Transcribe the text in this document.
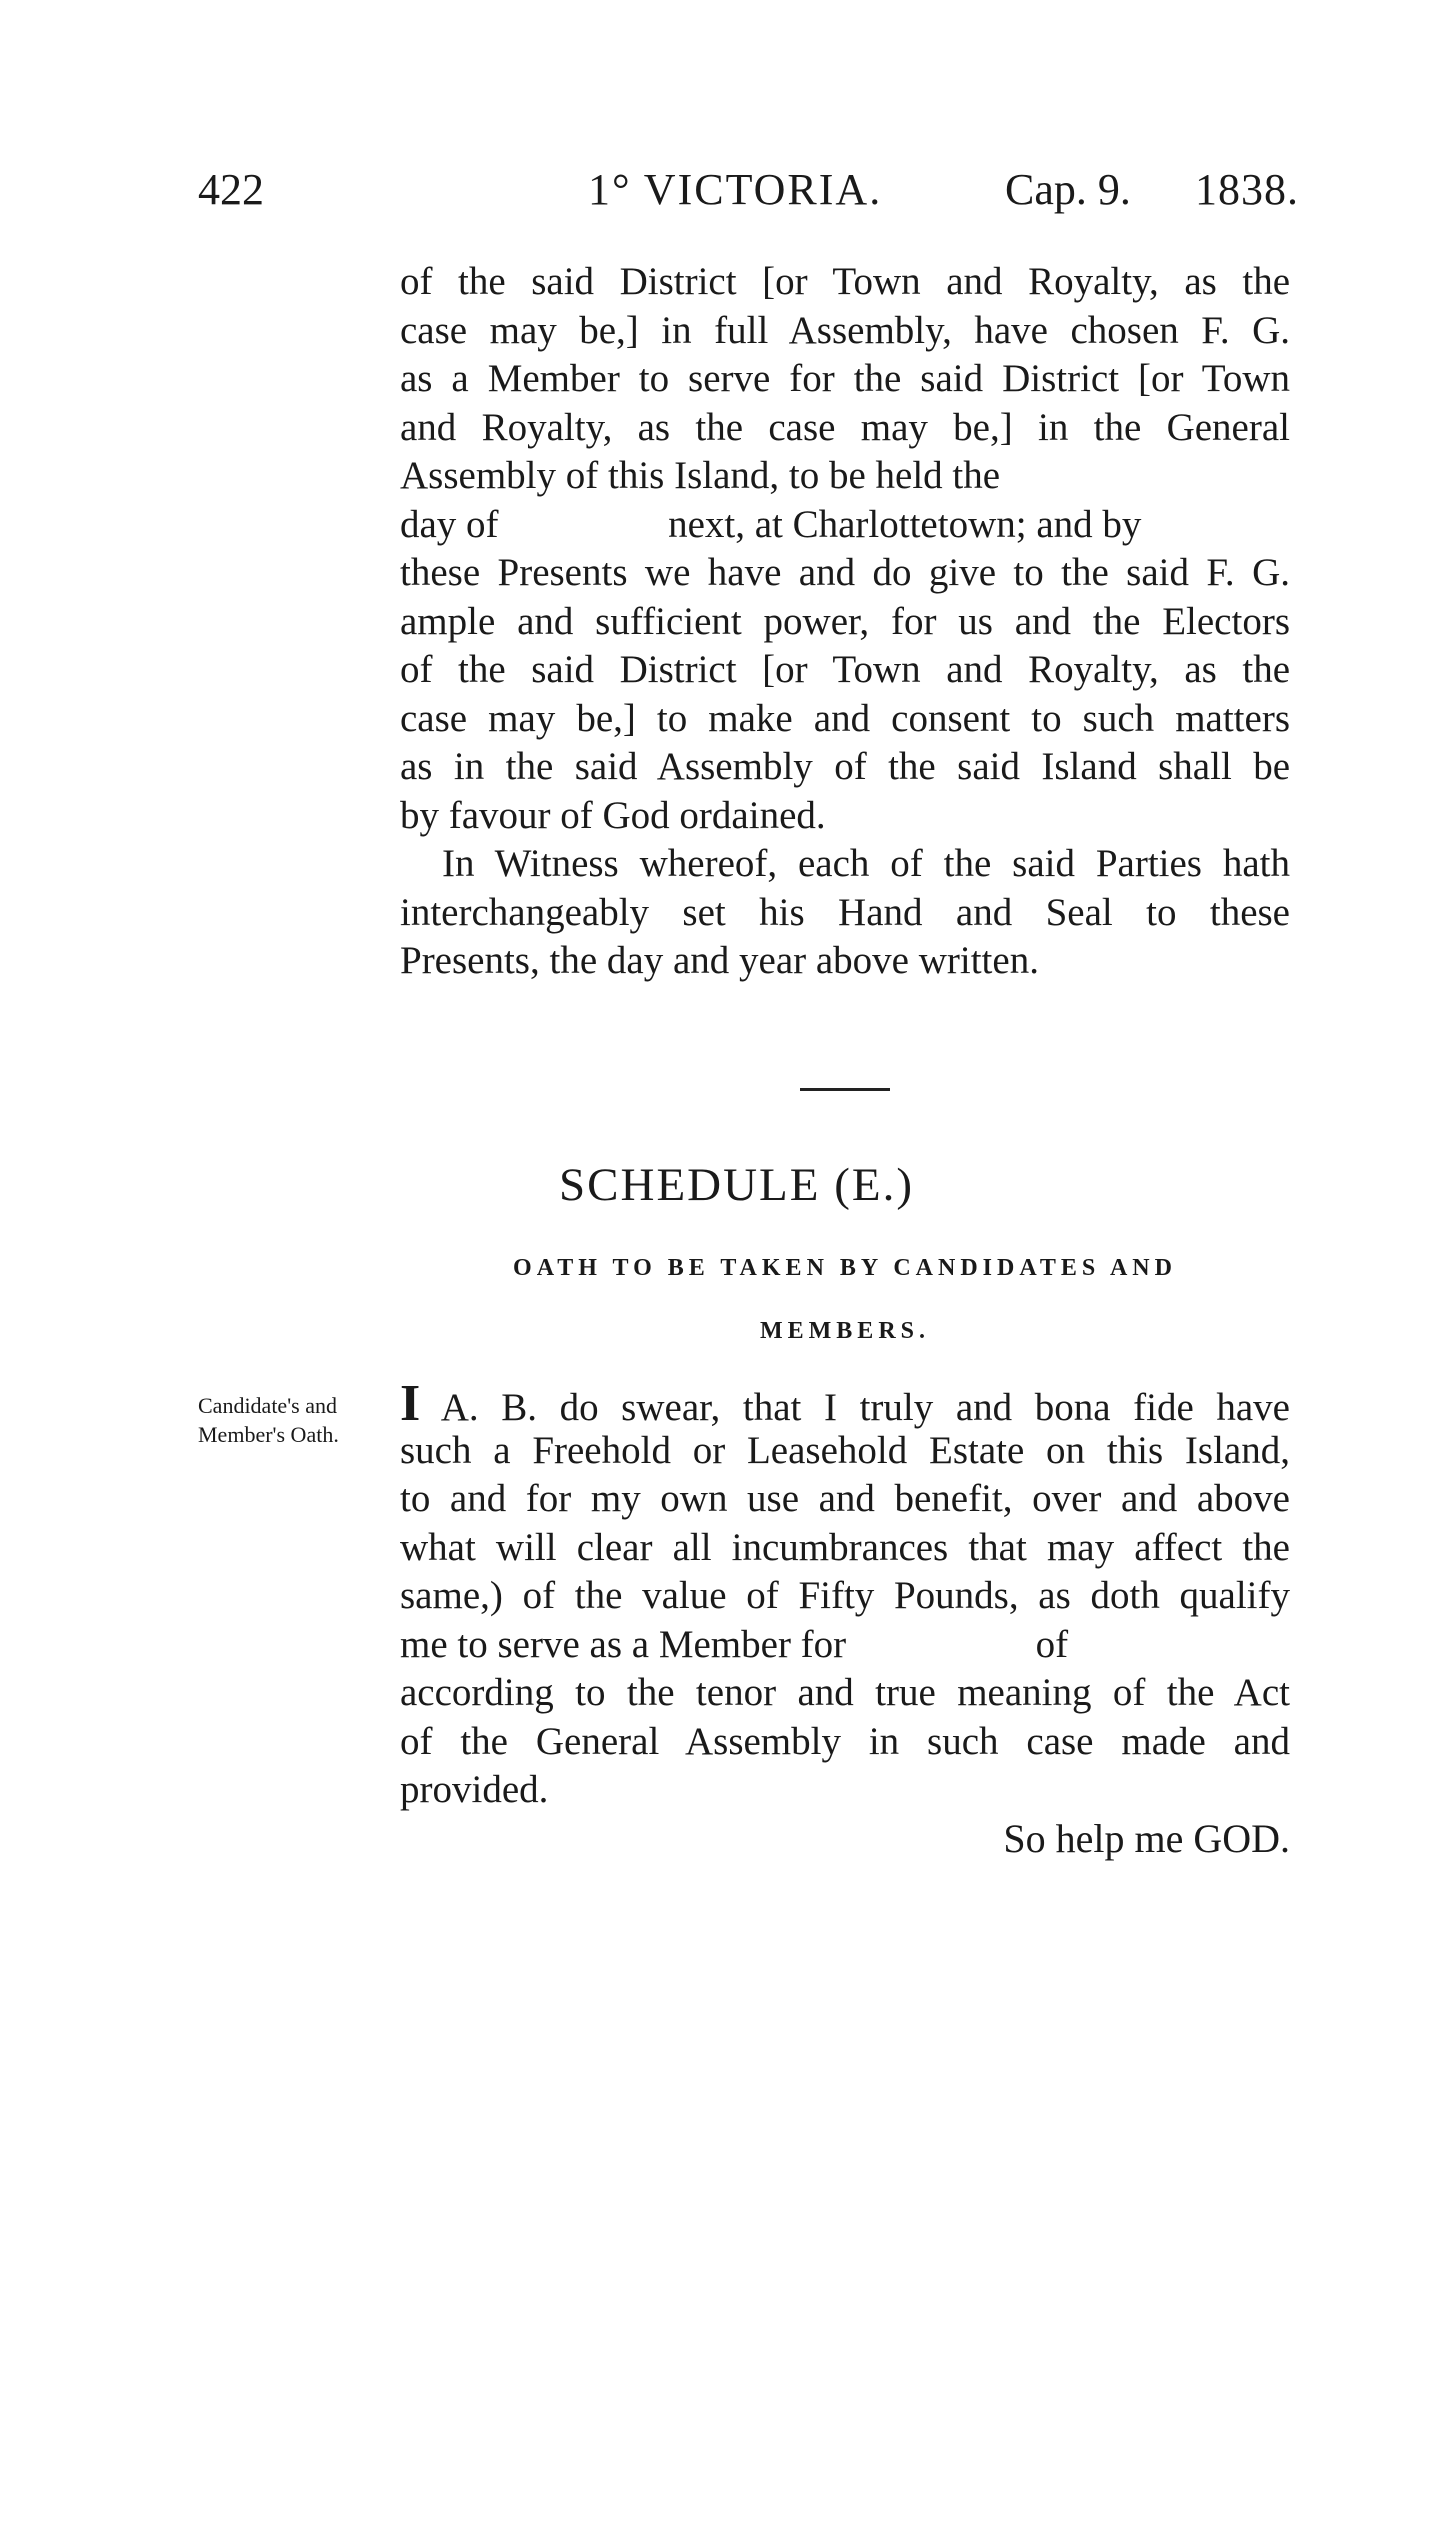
422	1° VICTORIA.	Cap. 9. 1838.
of the said District [or Town and Royalty, as the
case may be,] in full Assembly, have chosen F. G.
as a Member to serve for the said District [or Town
and Royalty, as the case may be,] in the General
Assembly of this Island, to be held the
day of	next, at Charlottetown; and by
these Presents we have and do give to the said F. G.
ample and sufficient power, for us and the Electors
of the said District [or Town and Royalty, as the
case may be,] to make and consent to such matters
as in the said Assembly of the said Island shall be
by favour of God ordained.
In Witness whereof, each of the said Parties hath
interchangeably set his Hand and Seal to these
Presents, the day and year above written.
SCHEDULE (E.)
OATH TO BE TAKEN BY CANDIDATES AND
MEMBERS.
Candidate's and
Member's Oath.
I A. B. do swear, that I truly and bona fide have
such a Freehold or Leasehold Estate on this Island,
to and for my own use and benefit, over and above
what will clear all incumbrances that may affect the
same,) of the value of Fifty Pounds, as doth qualify
me to serve as a Member for	of
according to the tenor and true meaning of the Act
of the General Assembly in such case made and
provided.
So help me GOD.
